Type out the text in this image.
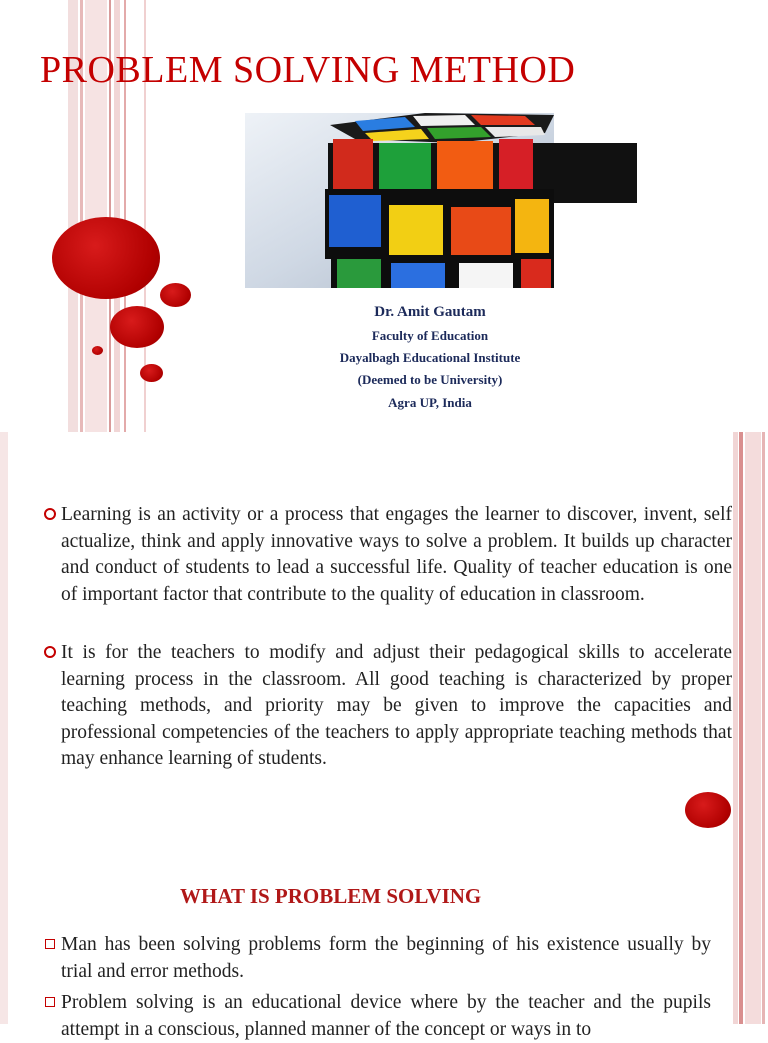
PROBLEM SOLVING METHOD

Dr. Amit Gautam

Faculty of Education

Dayalbagh Educational Institute

(Deemed to be University)

Agra UP, India

Learning is an activity or a process that engages the learner to discover, invent, self actualize, think and apply innovative ways to solve a problem. It builds up character and conduct of students to lead a successful life. Quality of teacher education is one of important factor that contribute to the quality of education in classroom.

It is for the teachers to modify and adjust their pedagogical skills to accelerate learning process in the classroom. All good teaching is characterized by proper teaching methods, and priority may be given to improve the capacities and professional competencies of the teachers to apply appropriate teaching methods that may enhance learning of students.

WHAT IS PROBLEM SOLVING

Man has been solving problems form the beginning of his existence usually by trial and error methods.

Problem solving is an educational device where by the teacher and the pupils attempt in a conscious, planned manner of the concept or ways in to
